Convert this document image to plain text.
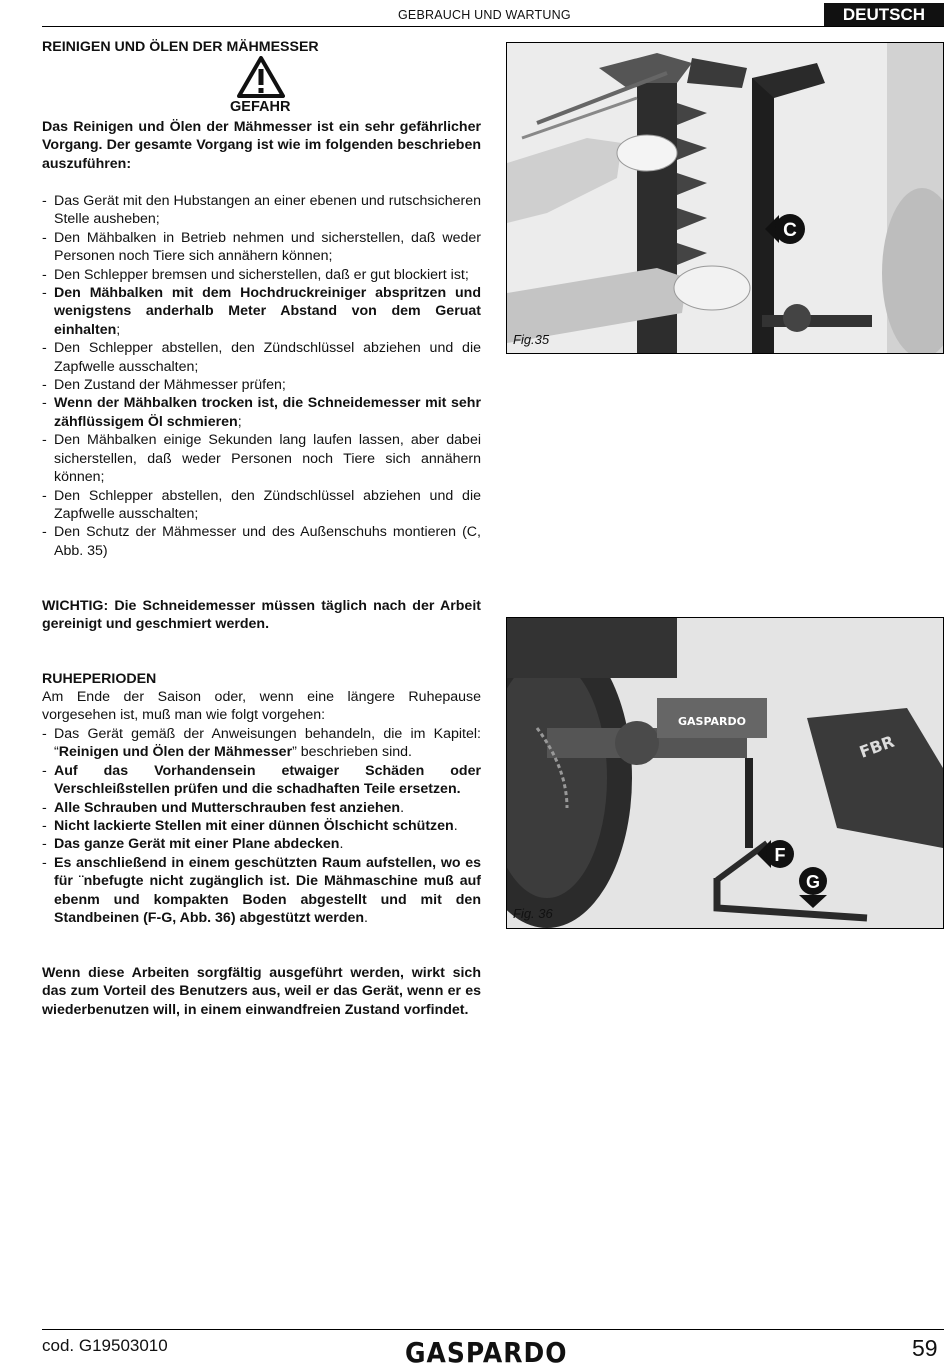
GEBRAUCH UND WARTUNG	DEUTSCH
REINIGEN UND ÖLEN DER MÄHMESSER
GEFAHR
Das Reinigen und Ölen der Mähmesser ist ein sehr gefährlicher Vorgang. Der gesamte Vorgang ist wie im folgenden beschrieben auszuführen:
- Das Gerät mit den Hubstangen an einer ebenen und rutschsicheren Stelle ausheben;
- Den Mähbalken in Betrieb nehmen und sicherstellen, daß weder Personen noch Tiere sich annähern können;
- Den Schlepper bremsen und sicherstellen, daß er gut blockiert ist;
- Den Mähbalken mit dem Hochdruckreiniger abspritzen und wenigstens anderhalb Meter Abstand von dem Geruat einhalten;
- Den Schlepper abstellen, den Zündschlüssel abziehen und die Zapfwelle ausschalten;
- Den Zustand der Mähmesser prüfen;
- Wenn der Mähbalken trocken ist, die Schneidemesser mit sehr zähflüssigem Öl schmieren;
- Den Mähbalken einige Sekunden lang laufen lassen, aber dabei sicherstellen, daß weder Personen noch Tiere sich annähern können;
- Den Schlepper abstellen, den Zündschlüssel abziehen und die Zapfwelle ausschalten;
- Den Schutz der Mähmesser und des Außenschuhs montieren (C, Abb. 35)
WICHTIG: Die Schneidemesser müssen täglich nach der Arbeit gereinigt und geschmiert werden.
RUHEPERIODEN
Am Ende der Saison oder, wenn eine längere Ruhepause vorgesehen ist, muß man wie folgt vorgehen:
- Das Gerät gemäß der Anweisungen behandeln, die im Kapitel: “Reinigen und Ölen der Mähmesser” beschrieben sind.
- Auf das Vorhandensein etwaiger Schäden oder Verschleißstellen prüfen und die schadhaften Teile ersetzen.
- Alle Schrauben und Mutterschrauben fest anziehen.
- Nicht lackierte Stellen mit einer dünnen Ölschicht schützen.
- Das ganze Gerät mit einer Plane abdecken.
- Es anschließend in einem geschützten Raum aufstellen, wo es für ¨nbefugte nicht zugänglich ist. Die Mähmaschine muß auf ebenm und kompakten Boden abgestellt und mit den Standbeinen (F-G, Abb. 36) abgestützt werden.
Wenn diese Arbeiten sorgfältig ausgeführt werden, wirkt sich das zum Vorteil des Benutzers aus, weil er das Gerät, wenn er es wiederbenutzen will, in einem einwandfreien Zustand vorfindet.
C
Fig.35
GASPARDO
FBR
F
G
Fig. 36
cod. G19503010	GASPARDO	59
